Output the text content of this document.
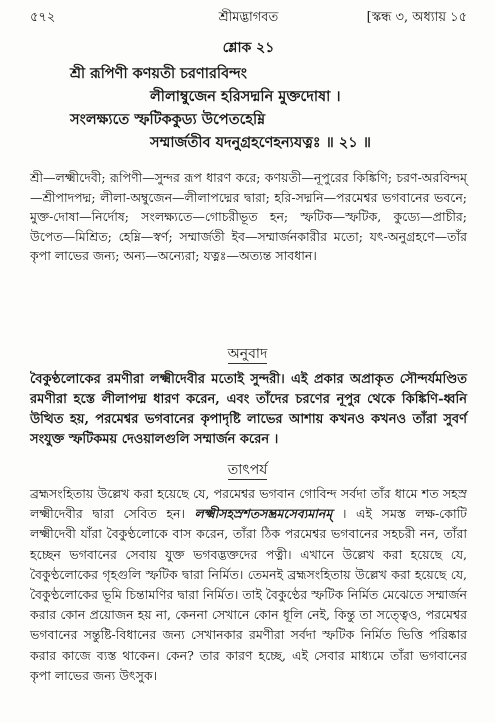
৫৭২	শ্রীমদ্ভাগবত	[স্কন্ধ ৩, অধ্যায় ১৫
শ্লোক ২১
শ্রী রূপিণী কণয়তী চরণারবিন্দং
লীলাম্বুজেন হরিসদ্মনি মুক্তদোষা ।
সংলক্ষ্যতে স্ফটিককুড্য উপেতহেম্নি
সম্মার্জতীব যদনুগ্রহণেহন্যযত্নঃ ॥ ২১ ॥
শ্রী—লক্ষ্মীদেবী; রূপিণী—সুন্দর রূপ ধারণ করে; কণয়তী—নূপুরের কিঙ্কিণি; চরণ-অরবিন্দম্—শ্রীপাদপদ্ম; লীলা-অম্বুজেন—লীলাপদ্মের দ্বারা; হরি-সদ্মনি—পরমেশ্বর ভগবানের ভবনে; মুক্ত-দোষা—নির্দোষ; সংলক্ষ্যতে—গোচরীভূত হন; স্ফটিক—স্ফটিক, কুড্যে—প্রাচীর; উপেত—মিশ্রিত; হেম্নি—স্বর্ণ; সম্মার্জতী ইব—সম্মার্জনকারীর মতো; যৎ-অনুগ্রহণে—তাঁর কৃপা লাভের জন্য; অন্য—অন্যেরা; যত্নঃ—অত্যন্ত সাবধান।
অনুবাদ
বৈকুণ্ঠলোকের রমণীরা লক্ষ্মীদেবীর মতোই সুন্দরী। এই প্রকার অপ্রাকৃত সৌন্দর্যমণ্ডিত রমণীরা হস্তে লীলাপদ্ম ধারণ করেন, এবং তাঁদের চরণের নূপুর থেকে কিঙ্কিণি-ধ্বনি উত্থিত হয়, পরমেশ্বর ভগবানের কৃপাদৃষ্টি লাভের আশায় কখনও কখনও তাঁরা সুবর্ণ সংযুক্ত স্ফটিকময় দেওয়ালগুলি সম্মার্জন করেন ।
তাৎপর্য
ব্রহ্মসংহিতায় উল্লেখ করা হয়েছে যে, পরমেশ্বর ভগবান গোবিন্দ সর্বদা তাঁর ধামে শত সহস্র লক্ষ্মীদেবীর দ্বারা সেবিত হন। লক্ষ্মীসহস্রশতসম্ভ্রমসেব্যমানম্ । এই সমস্ত লক্ষ-কোটি লক্ষ্মীদেবী যাঁরা বৈকুণ্ঠলোকে বাস করেন, তাঁরা ঠিক পরমেশ্বর ভগবানের সহচরী নন, তাঁরা হচ্ছেন ভগবানের সেবায় যুক্ত ভগবদ্ভক্তদের পত্নী। এখানে উল্লেখ করা হয়েছে যে, বৈকুণ্ঠলোকের গৃহগুলি স্ফটিক দ্বারা নির্মিত। তেমনই ব্রহ্মসংহিতায় উল্লেখ করা হয়েছে যে, বৈকুণ্ঠলোকের ভূমি চিন্তামণির দ্বারা নির্মিত। তাই বৈকুণ্ঠের স্ফটিক নির্মিত মেঝেতে সম্মার্জন করার কোন প্রয়োজন হয় না, কেননা সেখানে কোন ধূলি নেই, কিন্তু তা সত্ত্বেও, পরমেশ্বর ভগবানের সন্তুষ্টি-বিধানের জন্য সেখানকার রমণীরা সর্বদা স্ফটিক নির্মিত ভিত্তি পরিষ্কার করার কাজে ব্যস্ত থাকেন। কেন? তার কারণ হচ্ছে, এই সেবার মাধ্যমে তাঁরা ভগবানের কৃপা লাভের জন্য উৎসুক।
